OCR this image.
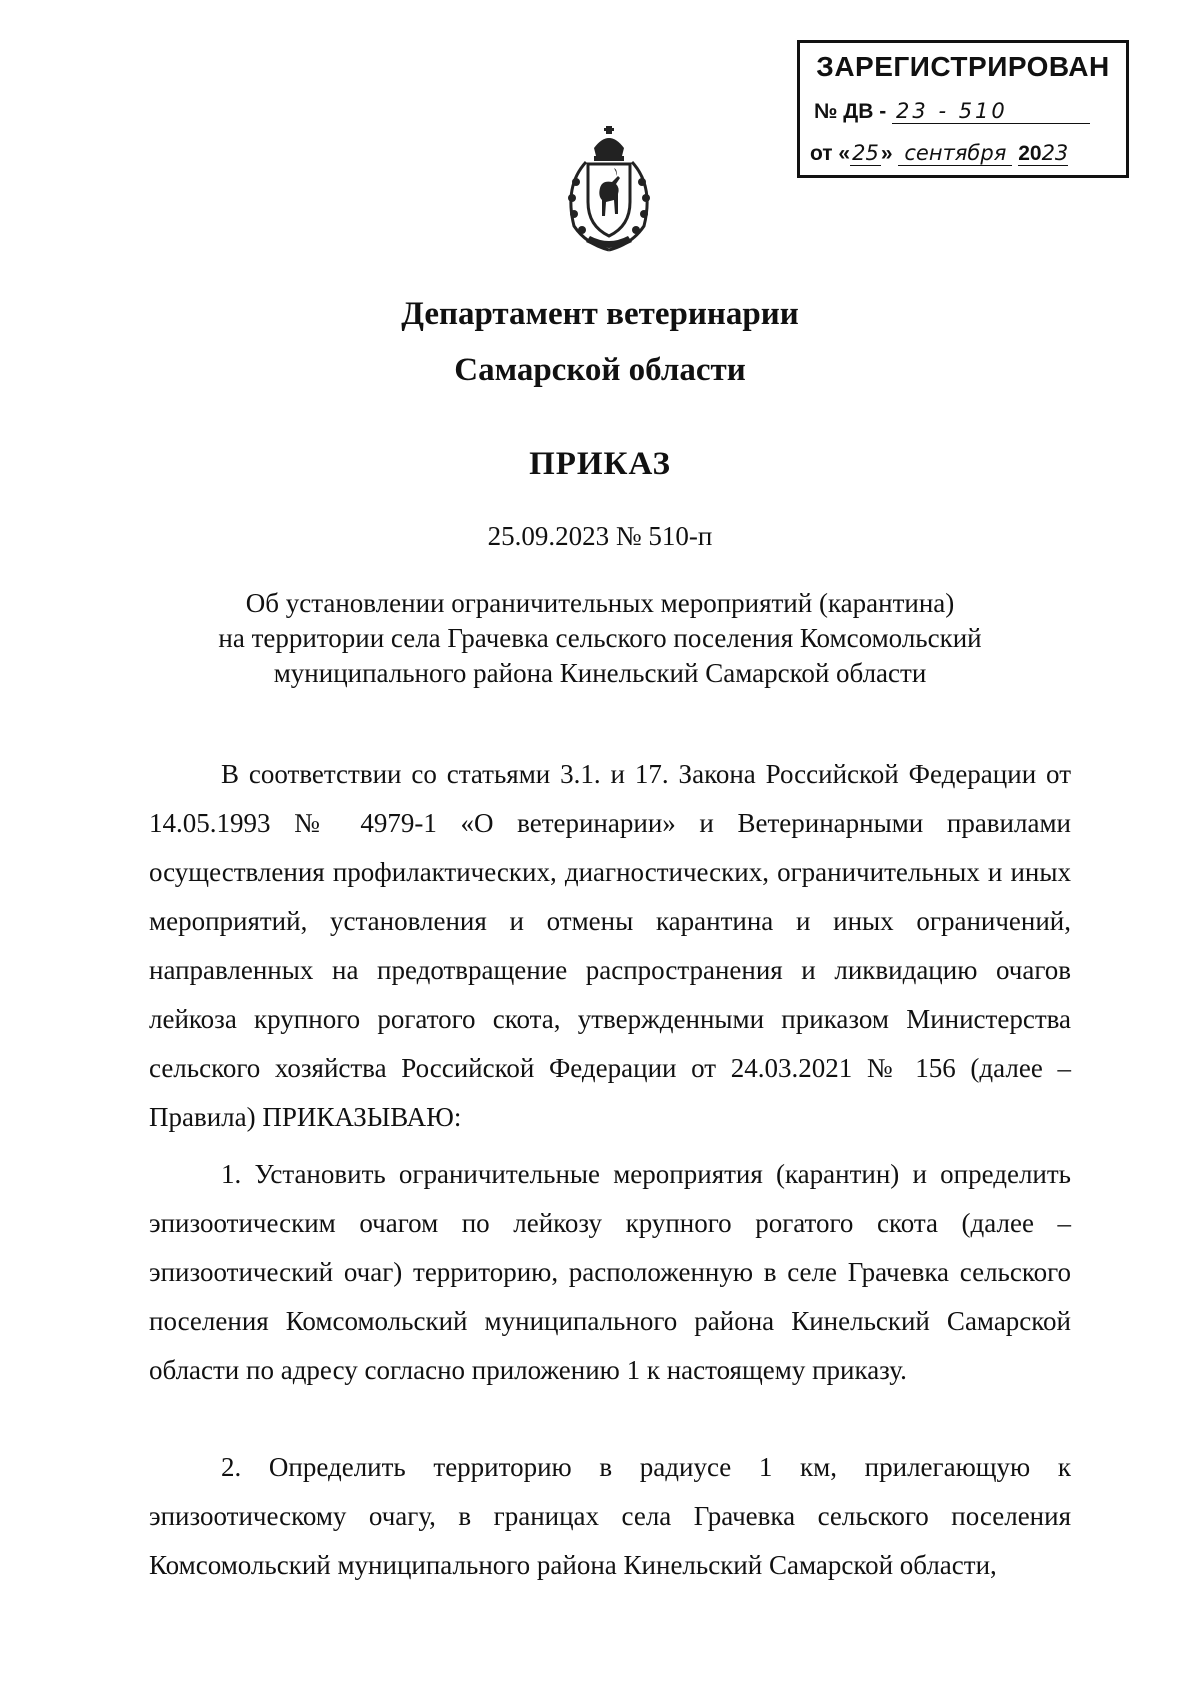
ЗАРЕГИСТРИРОВАН
№ ДВ - 23 - 510
от «25» сентября 2023
Департамент ветеринарии
Самарской области
ПРИКАЗ
25.09.2023 № 510-п
Об установлении ограничительных мероприятий (карантина)
на территории села Грачевка сельского поселения Комсомольский
муниципального района Кинельский Самарской области

В соответствии со статьями 3.1. и 17. Закона Российской Федерации от 14.05.1993 № 4979-1 «О ветеринарии» и Ветеринарными правилами осуществления профилактических, диагностических, ограничительных и иных мероприятий, установления и отмены карантина и иных ограничений, направленных на предотвращение распространения и ликвидацию очагов лейкоза крупного рогатого скота, утвержденными приказом Министерства сельского хозяйства Российской Федерации от 24.03.2021 № 156 (далее – Правила) ПРИКАЗЫВАЮ:

1. Установить ограничительные мероприятия (карантин) и определить эпизоотическим очагом по лейкозу крупного рогатого скота (далее – эпизоотический очаг) территорию, расположенную в селе Грачевка сельского поселения Комсомольский муниципального района Кинельский Самарской области по адресу согласно приложению 1 к настоящему приказу.

2. Определить территорию в радиусе 1 км, прилегающую к эпизоотическому очагу, в границах села Грачевка сельского поселения Комсомольский муниципального района Кинельский Самарской области,
